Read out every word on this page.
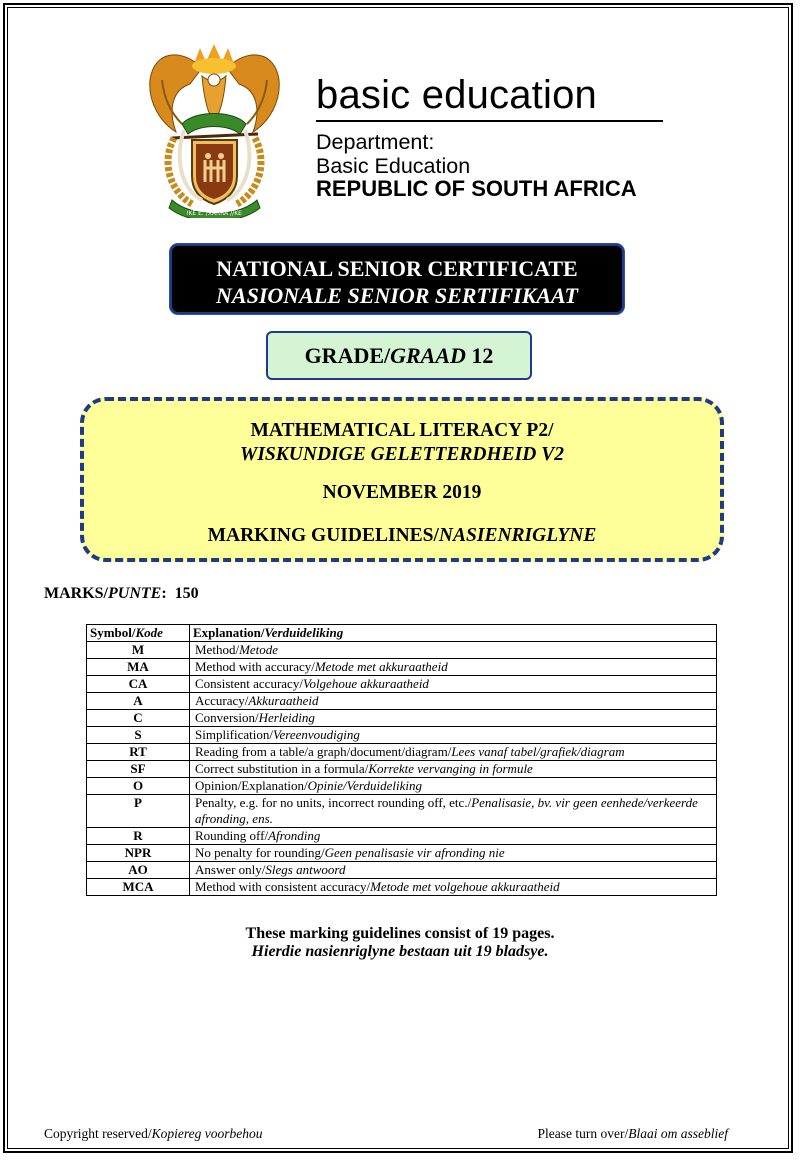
!KE E: /XARRA //KE
basic education
Department:
Basic Education
REPUBLIC OF SOUTH AFRICA
NATIONAL SENIOR CERTIFICATE
NASIONALE SENIOR SERTIFIKAAT
GRADE/GRAAD 12
MATHEMATICAL LITERACY P2/
WISKUNDIGE GELETTERDHEID V2
NOVEMBER 2019
MARKING GUIDELINES/NASIENRIGLYNE
MARKS/PUNTE:  150
Symbol/Kode	Explanation/Verduideliking
M	Method/Metode
MA	Method with accuracy/Metode met akkuraatheid
CA	Consistent accuracy/Volgehoue akkuraatheid
A	Accuracy/Akkuraatheid
C	Conversion/Herleiding
S	Simplification/Vereenvoudiging
RT	Reading from a table/a graph/document/diagram/Lees vanaf tabel/grafiek/diagram
SF	Correct substitution in a formula/Korrekte vervanging in formule
O	Opinion/Explanation/Opinie/Verduideliking
P	Penalty, e.g. for no units, incorrect rounding off, etc./Penalisasie, bv. vir geen eenhede/verkeerde afronding, ens.
R	Rounding off/Afronding
NPR	No penalty for rounding/Geen penalisasie vir afronding nie
AO	Answer only/Slegs antwoord
MCA	Method with consistent accuracy/Metode met volgehoue akkuraatheid
These marking guidelines consist of 19 pages.
Hierdie nasienriglyne bestaan uit 19 bladsye.
Copyright reserved/Kopiereg voorbehou	Please turn over/Blaai om asseblief
